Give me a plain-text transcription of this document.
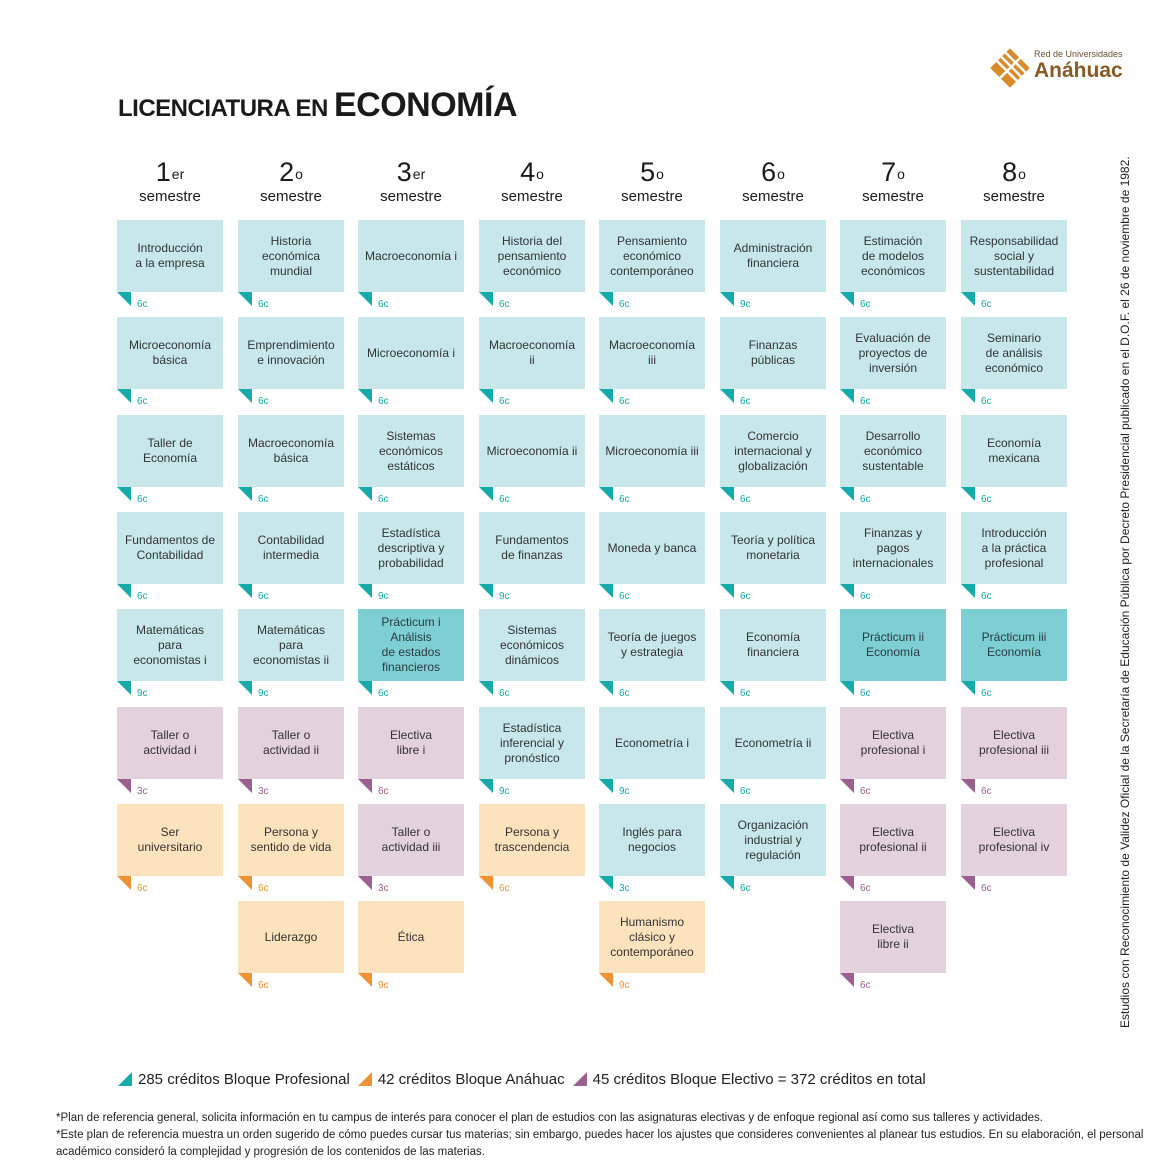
Red de Universidades
Anáhuac
LICENCIATURA EN ECONOMÍA
1er
semestre
Introducción
a la empresa
6c
Microeconomía
básica
6c
Taller de
Economía
6c
Fundamentos de
Contabilidad
6c
Matemáticas para
economistas i
9c
Taller o
actividad i
3c
Ser
universitario
6c
2$^o$
semestre
Historia
económica
mundial
6c
Emprendimiento
e innovación
6c
Macroeconomía
básica
6c
Contabilidad
intermedia
6c
Matemáticas para
economistas ii
9c
Taller o
actividad ii
3c
Persona y
sentido de vida
6c
Liderazgo
6c
3er
semestre
Macroeconomía i
6c
Microeconomía i
6c
Sistemas
económicos
estáticos
6c
Estadística
descriptiva y
probabilidad
9c
Prácticum i
Análisis
de estados
financieros
6c
Electiva
libre i
6c
Taller o
actividad iii
3c
Ética
9c
4$^o$
semestre
Historia del
pensamiento
económico
6c
Macroeconomía ii
6c
Microeconomía ii
6c
Fundamentos
de finanzas
9c
Sistemas
económicos
dinámicos
6c
Estadística
inferencial y
pronóstico
9c
Persona y
trascendencia
6c
5$^o$
semestre
Pensamiento
económico
contemporáneo
6c
Macroeconomía iii
6c
Microeconomía iii
6c
Moneda y banca
6c
Teoría de juegos
y estrategia
6c
Econometría i
9c
Inglés para
negocios
3c
Humanismo
clásico y
contemporáneo
9c
6$^o$
semestre
Administración
financiera
9c
Finanzas públicas
6c
Comercio
internacional y
globalización
6c
Teoría y política
monetaria
6c
Economía
financiera
6c
Econometría ii
6c
Organización
industrial y
regulación
6c
7$^o$
semestre
Estimación
de modelos
económicos
6c
Evaluación de
proyectos de
inversión
6c
Desarrollo
económico
sustentable
6c
Finanzas y pagos
internacionales
6c
Prácticum ii
Economía
6c
Electiva
profesional i
6c
Electiva
profesional ii
6c
Electiva
libre ii
6c
8$^o$
semestre
Responsabilidad
social y
sustentabilidad
6c
Seminario
de análisis
económico
6c
Economía
mexicana
6c
Introducción
a la práctica
profesional
6c
Prácticum iii
Economía
6c
Electiva
profesional iii
6c
Electiva
profesional iv
6c
285 créditos Bloque Profesional 42 créditos Bloque Anáhuac 45 créditos Bloque Electivo = 372 créditos en total

*Plan de referencia general, solicita información en tu campus de interés para conocer el plan de estudios con las asignaturas electivas y de enfoque regional así como sus talleres y actividades.

*Este plan de referencia muestra un orden sugerido de cómo puedes cursar tus materias; sin embargo, puedes hacer los ajustes que consideres convenientes al planear tus estudios. En su elaboración, el personal académico consideró la complejidad y progresión de los contenidos de las materias.

Estudios con Reconocimiento de Validez Oficial de la Secretaría de Educación Pública por Decreto Presidencial publicado en el D.O.F. el 26 de noviembre de 1982.
